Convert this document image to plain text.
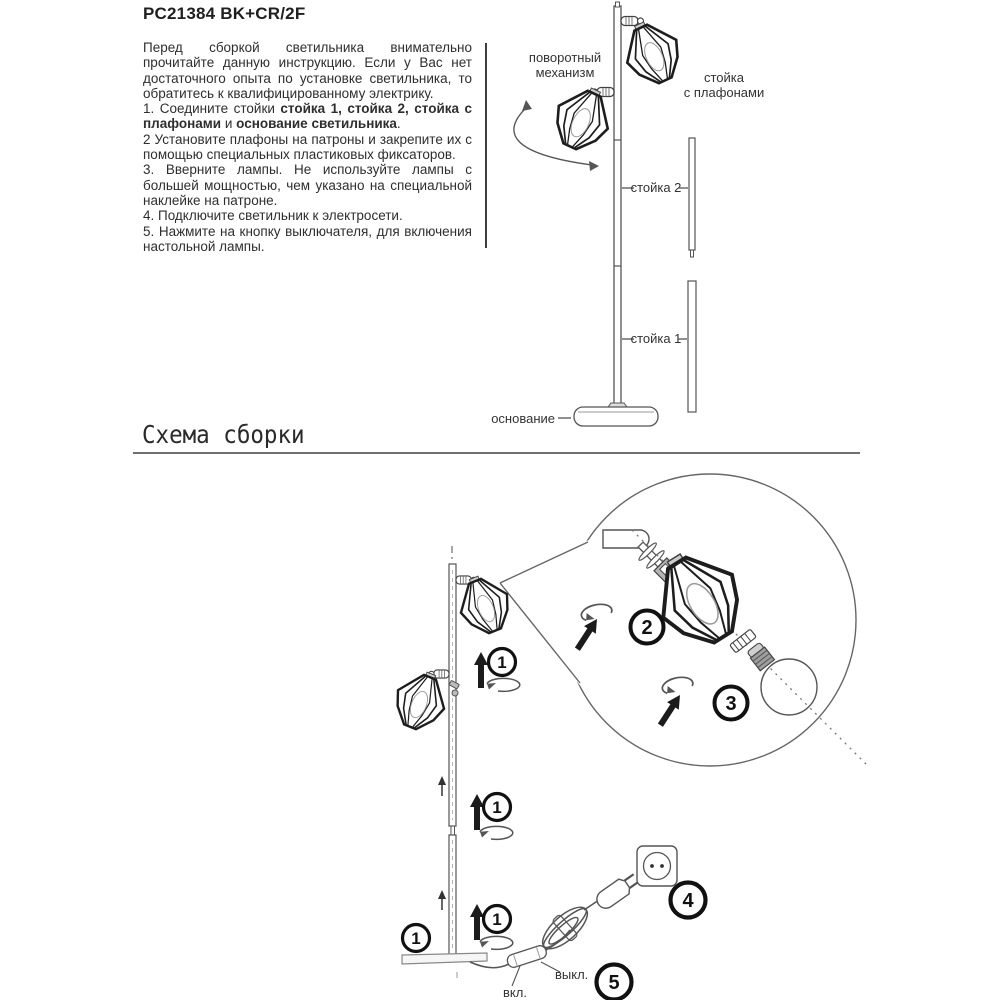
PC21384 BK+CR/2F

Перед сборкой светильника внимательно прочитайте данную инструкцию. Если у Вас нет достаточного опыта по установке светильника, то обратитесь к квалифицированному электрику.

1. Соедините стойки стойка 1, стойка 2, стойка с плафонами и основание светильника.

2 Установите плафоны на патроны и закрепите их с помощью специальных пластиковых фиксаторов.

3. Вверните лампы. Не используйте лампы с большей мощностью, чем указано на специальной наклейке на патроне.

4. Подключите светильник к электросети.

5. Нажмите на кнопку выключателя, для включения настольной лампы.

поворотный
механизм	стойка
с плафонами
стойка 2
стойка 1
основание
Схема сборки
2
3
1
1
1
1
4
5
выкл.
вкл.
